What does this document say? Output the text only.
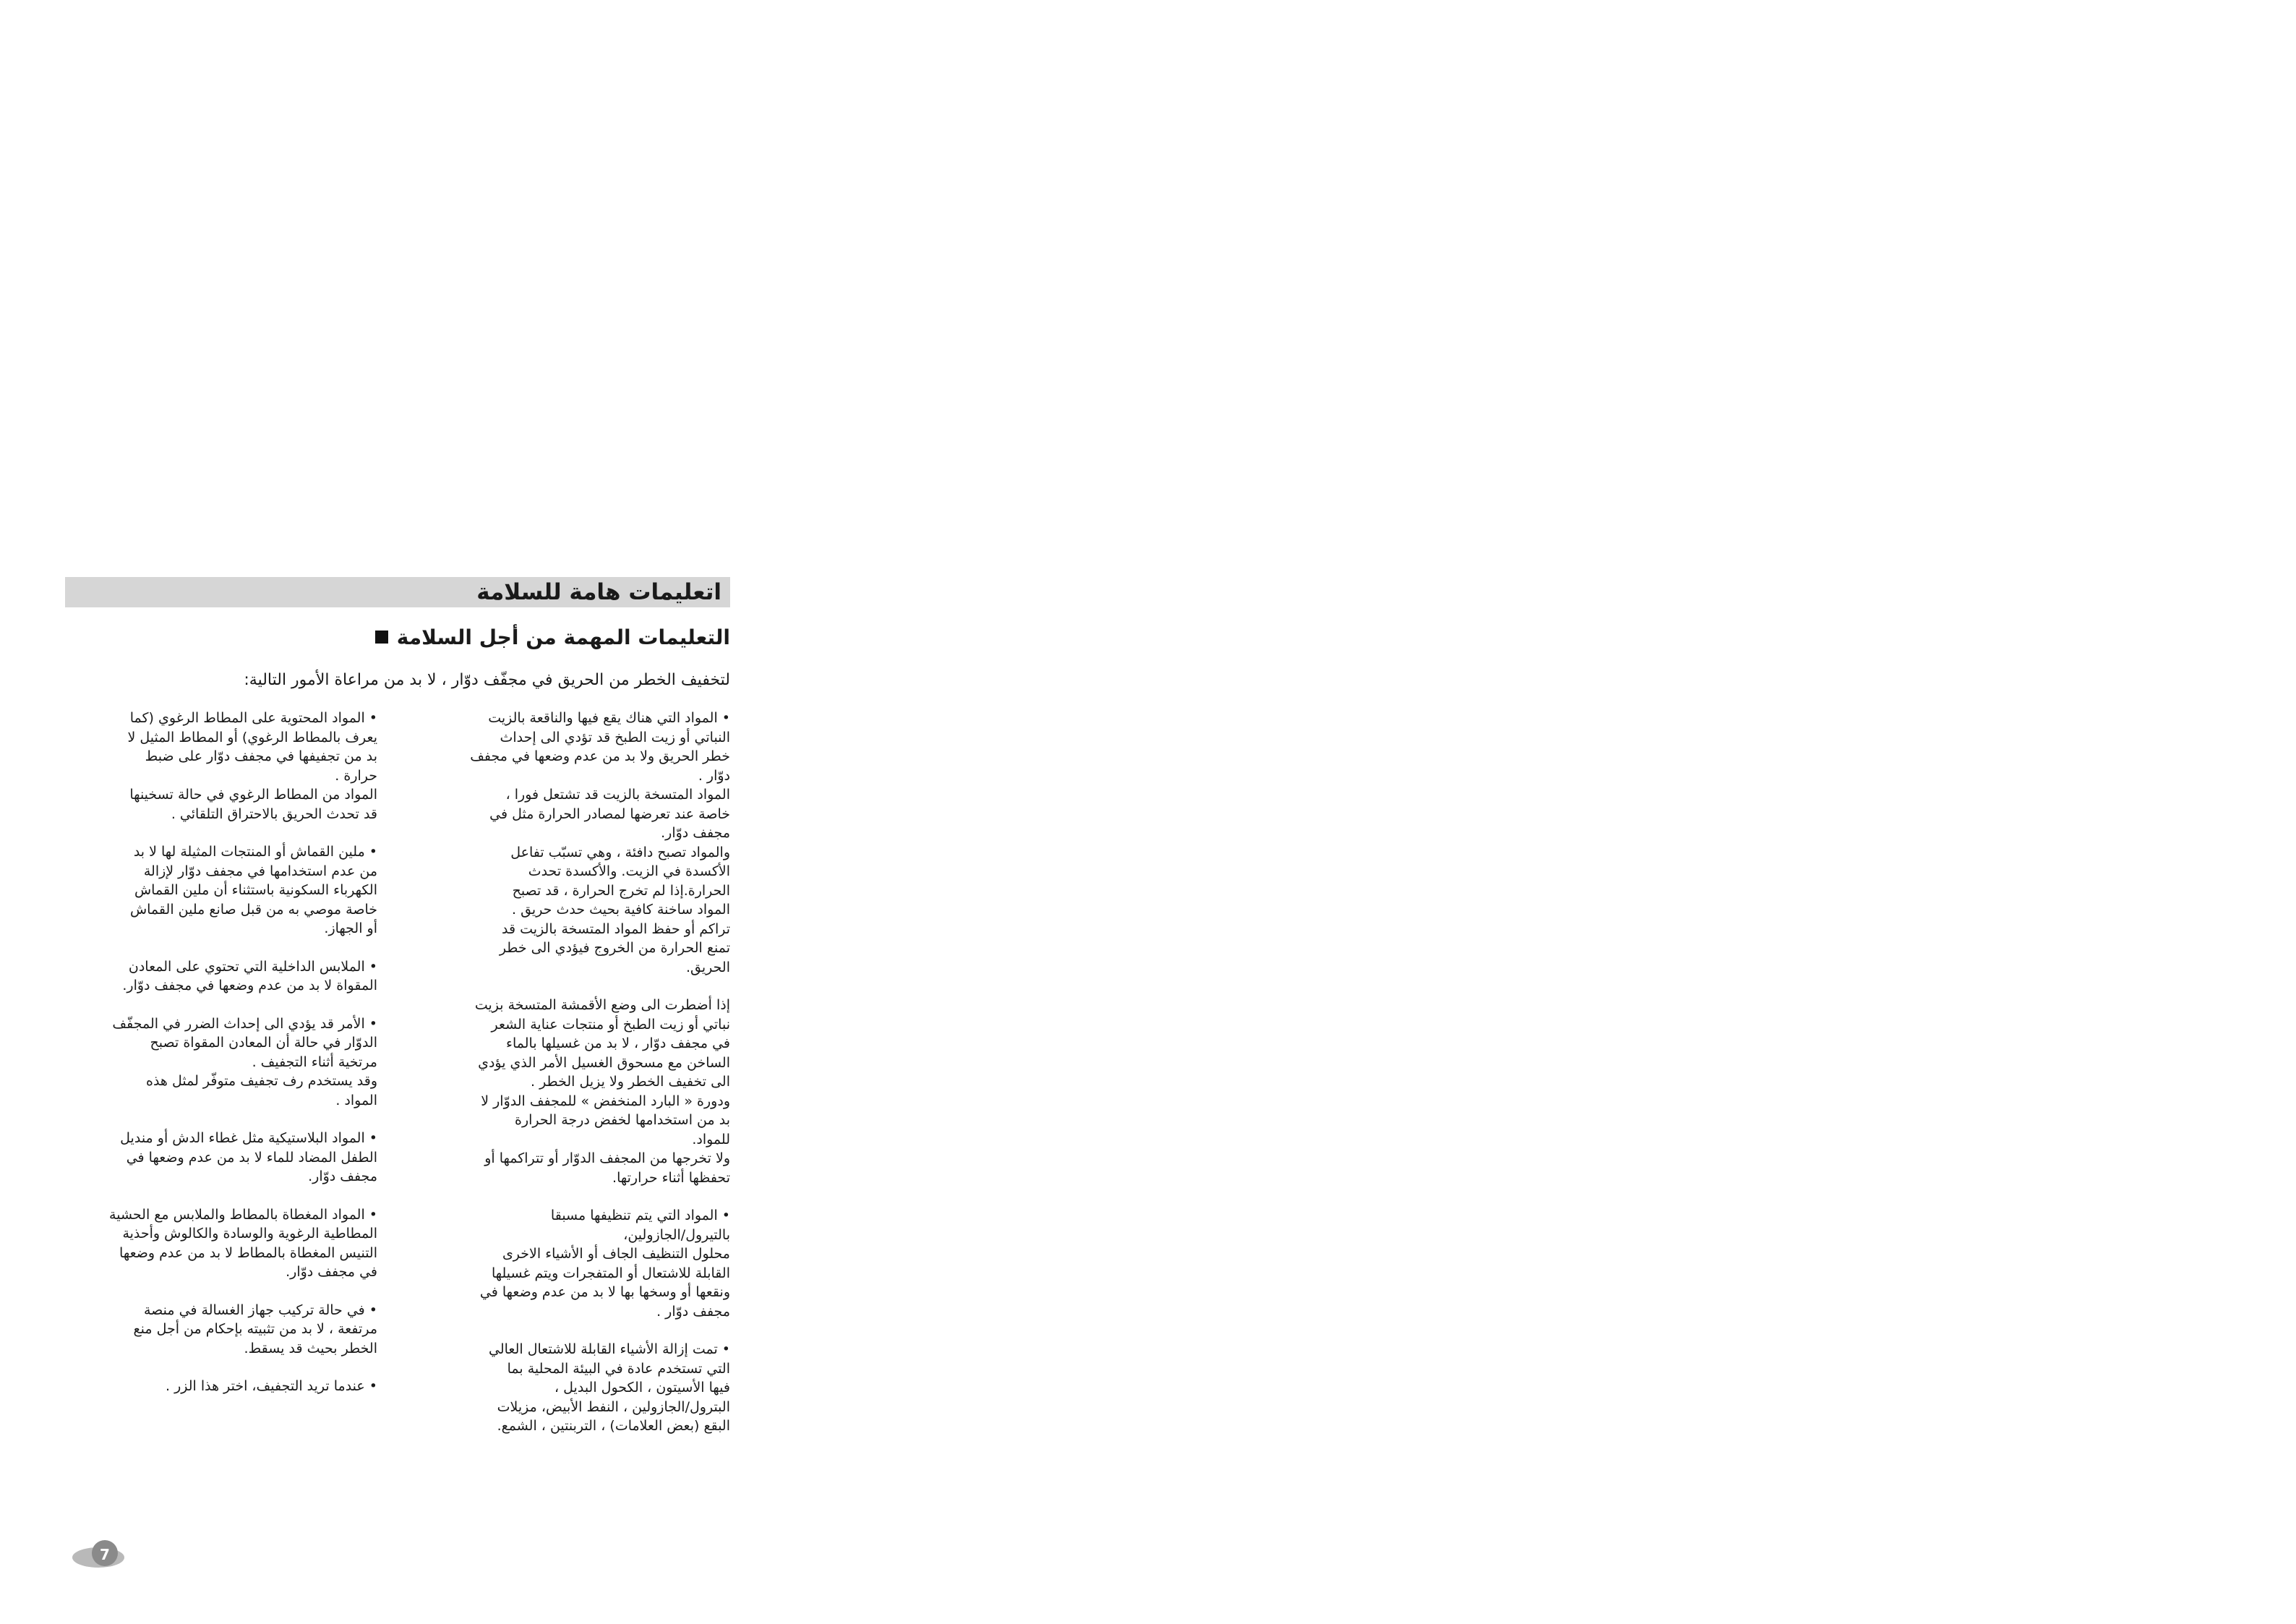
اتعليمات هامة للسلامة
التعليمات المهمة من أجل السلامة
لتخفيف الخطر من الحريق في مجفّف دوّار ، لا بد من مراعاة الأمور التالية:
• المواد التي هناك يقع فيها والناقعة بالزيت
النباتي أو زيت الطبخ قد تؤدي الى إحداث
خطر الحريق ولا بد من عدم وضعها في مجفف
دوّار .
المواد المتسخة بالزيت قد تشتعل فورا ،
خاصة عند تعرضها لمصادر الحرارة مثل في
مجفف دوّار.
والمواد تصبح دافئة ، وهي تسبّب تفاعل
الأكسدة في الزيت. والأكسدة تحدث
الحرارة.إذا لم تخرج الحرارة ، قد تصبح
المواد ساخنة كافية بحيث حدث حريق .
تراكم أو حفظ المواد المتسخة بالزيت قد
تمنع الحرارة من الخروج فيؤدي الى خطر
الحريق.
إذا أضطرت الى وضع الأقمشة المتسخة بزيت
نباتي أو زيت الطبخ أو منتجات عناية الشعر
في مجفف دوّار ، لا بد من غسيلها بالماء
الساخن مع مسحوق الغسيل الأمر الذي يؤدي
الى تخفيف الخطر ولا يزيل الخطر .
ودورة « البارد المنخفض » للمجفف الدوّار لا
بد من استخدامها لخفض درجة الحرارة
للمواد.
ولا تخرجها من المجفف الدوّار أو تتراكمها أو
تحفظها أثناء حرارتها.
• المواد التي يتم تنظيفها مسبقا
بالتيرول/الجازولين،
محلول التنظيف الجاف أو الأشياء الاخرى
القابلة للاشتعال أو المتفجرات ويتم غسيلها
ونقعها أو وسخها بها لا بد من عدم وضعها في
مجفف دوّار .
• تمت إزالة الأشياء القابلة للاشتعال العالي
التي تستخدم عادة في البيئة المحلية بما
فيها الأسيتون ، الكحول البديل ،
البترول/الجازولين ، النفط الأبيض، مزيلات
البقع (بعض العلامات) ، التربنتين ، الشمع.
• المواد المحتوية على المطاط الرغوي (كما
يعرف بالمطاط الرغوي) أو المطاط المثيل لا
بد من تجفيفها في مجفف دوّار على ضبط
حرارة .
المواد من المطاط الرغوي في حالة تسخينها
قد تحدث الحريق بالاحتراق التلقائي .
• ملين القماش أو المنتجات المثيلة لها لا بد
من عدم استخدامها في مجفف دوّار لإزالة
الكهرباء السكونية باستثناء أن ملين القماش
خاصة موصي به من قبل صانع ملين القماش
أو الجهاز.
• الملابس الداخلية التي تحتوي على المعادن
المقواة لا بد من عدم وضعها في مجفف دوّار.
• الأمر قد يؤدي الى إحداث الضرر في المجفّف
الدوّار في حالة أن المعادن المقواة تصبح
مرتخية أثناء التجفيف .
وقد يستخدم رف تجفيف متوفّر لمثل هذه
المواد .
• المواد البلاستيكية مثل غطاء الدش أو منديل
الطفل المضاد للماء لا بد من عدم وضعها في
مجفف دوّار.
• المواد المغطاة بالمطاط والملابس مع الحشية
المطاطية الرغوية والوسادة والكالوش وأحذية
التنيس المغطاة بالمطاط لا بد من عدم وضعها
في مجفف دوّار.
• في حالة تركيب جهاز الغسالة في منصة
مرتفعة ، لا بد من تثبيته بإحكام من أجل منع
الخطر بحيث قد يسقط.
• عندما تريد التجفيف، اختر هذا الزر .
7
